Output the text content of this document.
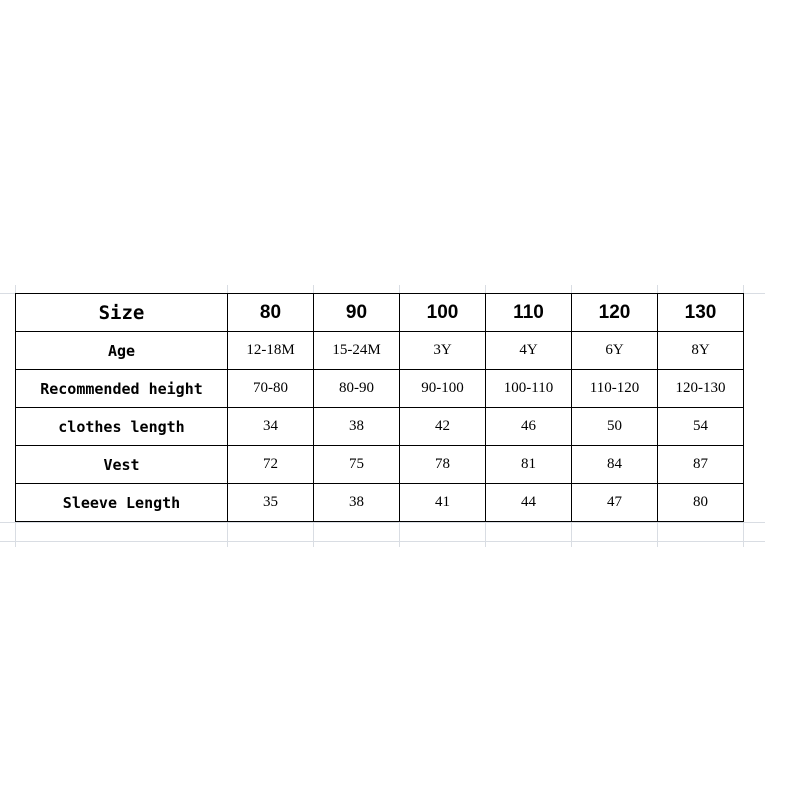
Size	80	90	100	110	120	130
Age	12-18M	15-24M	3Y	4Y	6Y	8Y
Recommended height	70-80	80-90	90-100	100-110	110-120	120-130
clothes length	34	38	42	46	50	54
Vest	72	75	78	81	84	87
Sleeve Length	35	38	41	44	47	80
